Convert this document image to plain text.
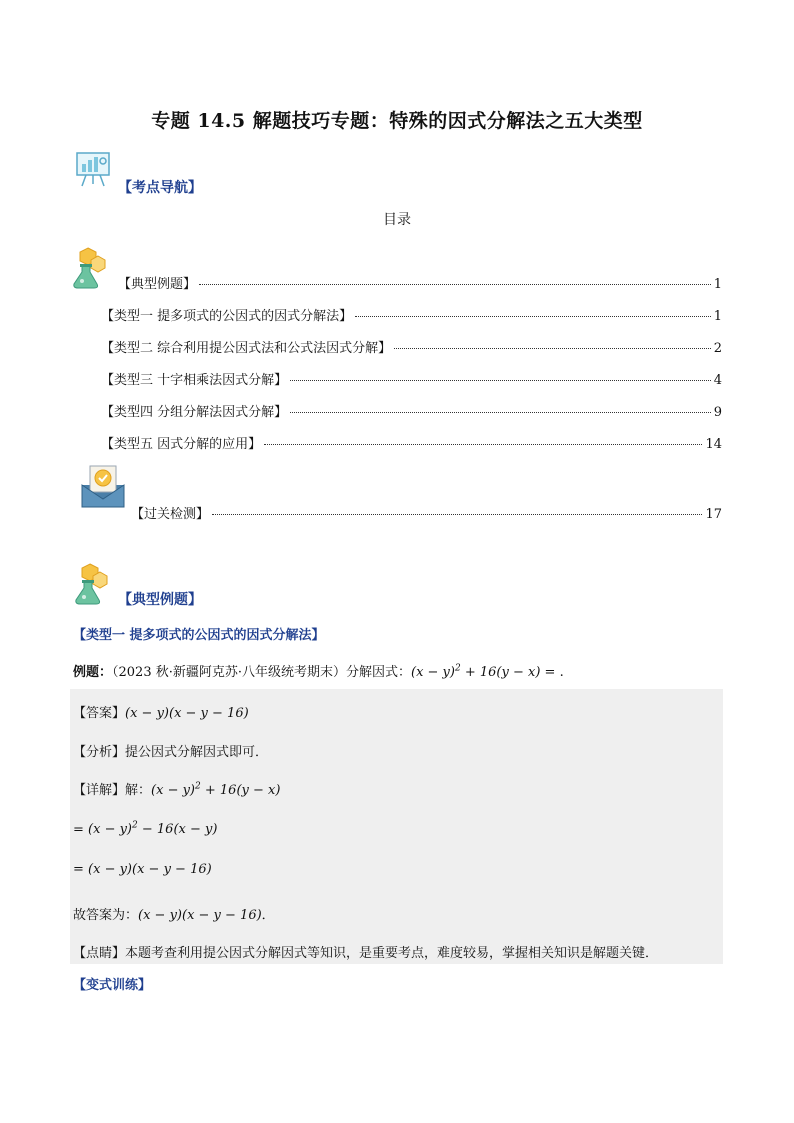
专题 14.5 解题技巧专题：特殊的因式分解法之五大类型
【考点导航】
目录
【典型例题】	1
【类型一 提多项式的公因式的因式分解法】	1
【类型二 综合利用提公因式法和公式法因式分解】	2
【类型三 十字相乘法因式分解】	4
【类型四 分组分解法因式分解】	9
【类型五 因式分解的应用】	14
【过关检测】	17
【典型例题】
【类型一 提多项式的公因式的因式分解法】
例题：（2023 秋·新疆阿克苏·八年级统考期末）分解因式：$(x - y)^2 + 16(y - x)$ = .
【答案】(x − y)(x − y − 16)
【分析】提公因式分解因式即可．
【详解】解：$(x - y)^2 + 16(y - x)$
= $(x - y)^2 - 16(x - y)$
= (x − y)(x − y − 16)
故答案为：(x − y)(x − y − 16)．
【点睛】本题考查利用提公因式分解因式等知识，是重要考点，难度较易，掌握相关知识是解题关键．
【变式训练】
